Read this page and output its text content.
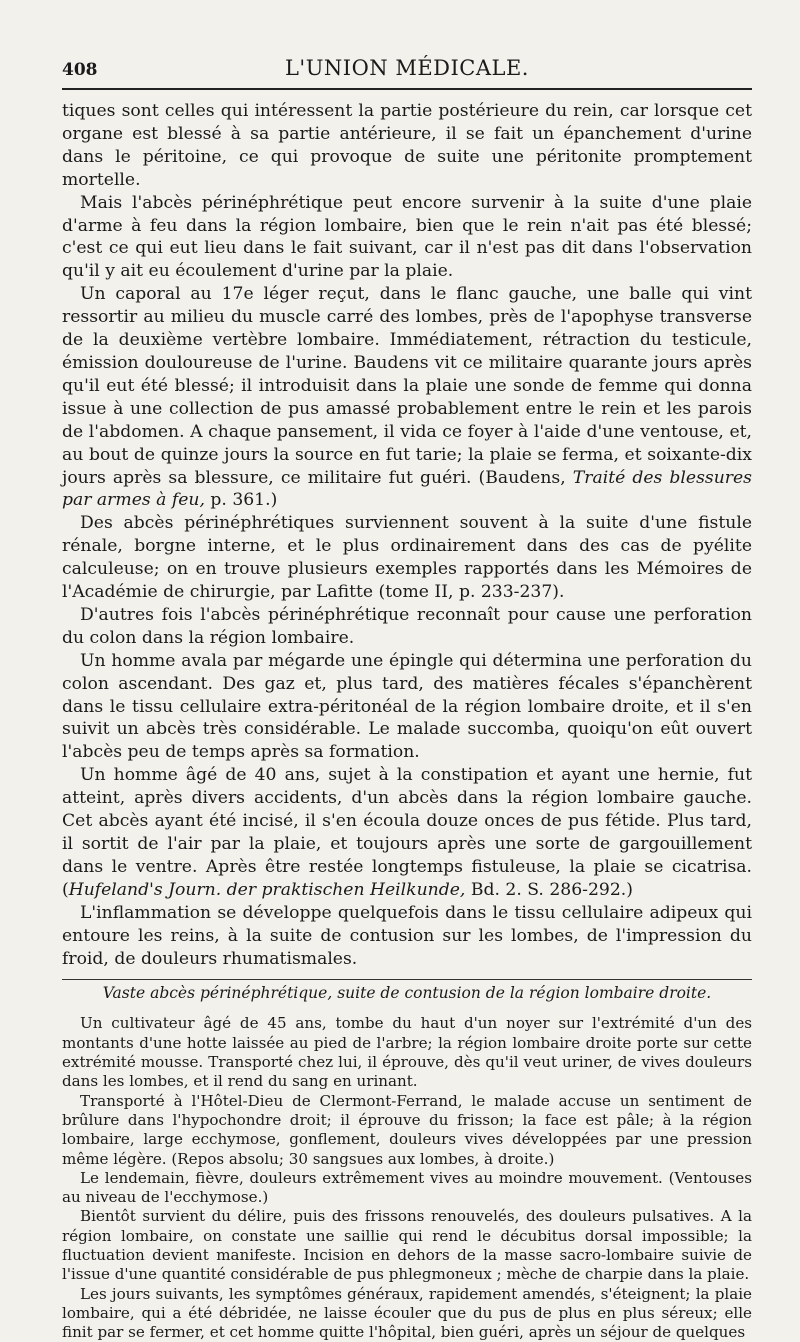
408	L'UNION MÉDICALE.

tiques sont celles qui intéressent la partie postérieure du rein, car lorsque cet organe est blessé à sa partie antérieure, il se fait un épanchement d'urine dans le péritoine, ce qui provoque de suite une péritonite promptement mortelle.

Mais l'abcès périnéphrétique peut encore survenir à la suite d'une plaie d'arme à feu dans la région lombaire, bien que le rein n'ait pas été blessé; c'est ce qui eut lieu dans le fait suivant, car il n'est pas dit dans l'observation qu'il y ait eu écoulement d'urine par la plaie.

Un caporal au 17e léger reçut, dans le flanc gauche, une balle qui vint ressortir au milieu du muscle carré des lombes, près de l'apophyse transverse de la deuxième vertèbre lombaire. Immédiatement, rétraction du testicule, émission douloureuse de l'urine. Baudens vit ce militaire quarante jours après qu'il eut été blessé; il introduisit dans la plaie une sonde de femme qui donna issue à une collection de pus amassé probablement entre le rein et les parois de l'abdomen. A chaque pansement, il vida ce foyer à l'aide d'une ventouse, et, au bout de quinze jours la source en fut tarie; la plaie se ferma, et soixante-dix jours après sa blessure, ce militaire fut guéri. (Baudens, Traité des blessures par armes à feu, p. 361.)

Des abcès périnéphrétiques surviennent souvent à la suite d'une fistule rénale, borgne interne, et le plus ordinairement dans des cas de pyélite calculeuse; on en trouve plusieurs exemples rapportés dans les Mémoires de l'Académie de chirurgie, par Lafitte (tome II, p. 233-237).

D'autres fois l'abcès périnéphrétique reconnaît pour cause une perforation du colon dans la région lombaire.

Un homme avala par mégarde une épingle qui détermina une perforation du colon ascendant. Des gaz et, plus tard, des matières fécales s'épanchèrent dans le tissu cellulaire extra-péritonéal de la région lombaire droite, et il s'en suivit un abcès très considérable. Le malade succomba, quoiqu'on eût ouvert l'abcès peu de temps après sa formation.

Un homme âgé de 40 ans, sujet à la constipation et ayant une hernie, fut atteint, après divers accidents, d'un abcès dans la région lombaire gauche. Cet abcès ayant été incisé, il s'en écoula douze onces de pus fétide. Plus tard, il sortit de l'air par la plaie, et toujours après une sorte de gargouillement dans le ventre. Après être restée longtemps fistuleuse, la plaie se cicatrisa. (Hufeland's Journ. der praktischen Heilkunde, Bd. 2. S. 286-292.)

L'inflammation se développe quelquefois dans le tissu cellulaire adipeux qui entoure les reins, à la suite de contusion sur les lombes, de l'impression du froid, de douleurs rhumatismales.

Vaste abcès périnéphrétique, suite de contusion de la région lombaire droite.

Un cultivateur âgé de 45 ans, tombe du haut d'un noyer sur l'extrémité d'un des montants d'une hotte laissée au pied de l'arbre; la région lombaire droite porte sur cette extrémité mousse. Transporté chez lui, il éprouve, dès qu'il veut uriner, de vives douleurs dans les lombes, et il rend du sang en urinant.

Transporté à l'Hôtel-Dieu de Clermont-Ferrand, le malade accuse un sentiment de brûlure dans l'hypochondre droit; il éprouve du frisson; la face est pâle; à la région lombaire, large ecchymose, gonflement, douleurs vives développées par une pression même légère. (Repos absolu; 30 sangsues aux lombes, à droite.)

Le lendemain, fièvre, douleurs extrêmement vives au moindre mouvement. (Ventouses au niveau de l'ecchymose.)

Bientôt survient du délire, puis des frissons renouvelés, des douleurs pulsatives. A la région lombaire, on constate une saillie qui rend le décubitus dorsal impossible; la fluctuation devient manifeste. Incision en dehors de la masse sacro-lombaire suivie de l'issue d'une quantité considérable de pus phlegmoneux ; mèche de charpie dans la plaie.

Les jours suivants, les symptômes généraux, rapidement amendés, s'éteignent; la plaie lombaire, qui a été débridée, ne laisse écouler que du pus de plus en plus séreux; elle finit par se fermer, et cet homme quitte l'hôpital, bien guéri, après un séjour de quelques
